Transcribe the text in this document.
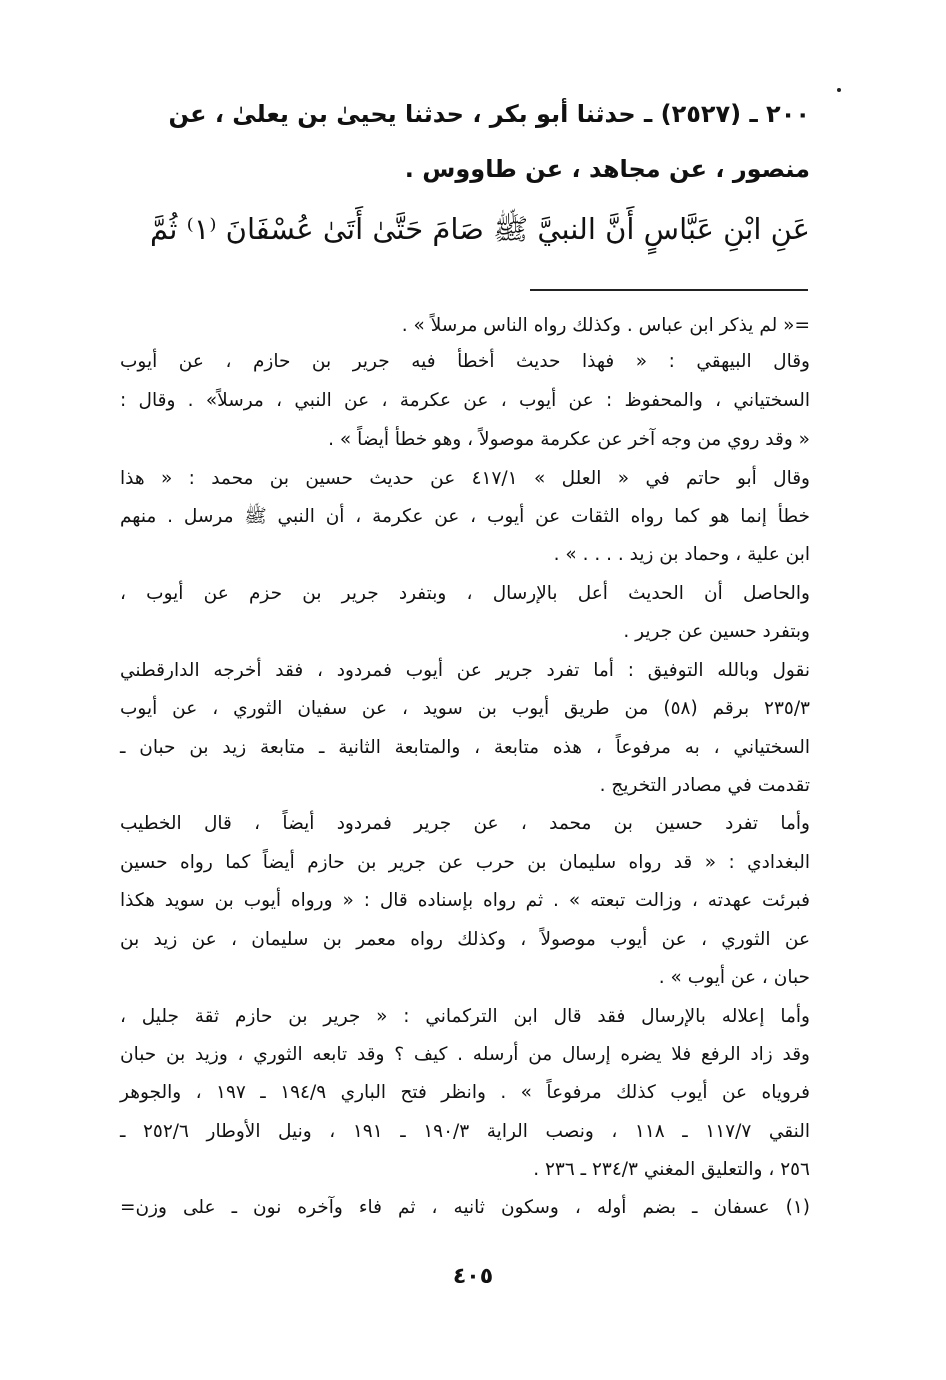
٢٠٠ ـ (٢٥٢٧) ـ حدثنا أبو بكر ، حدثنا يحيىٰ بن يعلىٰ ، عن
منصور ، عن مجاهد ، عن طاووس .
عَنِ ابْنِ عَبَّاسٍ أَنَّ النبيَّ ﷺ صَامَ حَتَّىٰ أَتَىٰ عُسْفَانَ ⁽١⁾ ثُمَّ
=« لم يذكر ابن عباس . وكذلك رواه الناس مرسلاً » .
وقال البيهقي : « فهذا حديث أخطأ فيه جرير بن حازم ، عن أيوب
السختياني ، والمحفوظ : عن أيوب ، عن عكرمة ، عن النبي ، مرسلاً» . وقال :
« وقد روي من وجه آخر عن عكرمة موصولاً ، وهو خطأ أيضاً » .
وقال أبو حاتم في « العلل » ٤١٧/١ عن حديث حسين بن محمد : « هذا
خطأ إنما هو كما رواه الثقات عن أيوب ، عن عكرمة ، أن النبي ﷺ مرسل . منهم
ابن علية ، وحماد بن زيد . . . . » .
والحاصل أن الحديث أعل بالإرسال ، وبتفرد جرير بن حزم عن أيوب ،
وبتفرد حسين عن جرير .
نقول وبالله التوفيق : أما تفرد جرير عن أيوب فمردود ، فقد أخرجه الدارقطني
٢٣٥/٣ برقم (٥٨) من طريق أيوب بن سويد ، عن سفيان الثوري ، عن أيوب
السختياني ، به مرفوعاً ، هذه متابعة ، والمتابعة الثانية ـ متابعة زيد بن حبان ـ
تقدمت في مصادر التخريج .
وأما تفرد حسين بن محمد ، عن جرير فمردود أيضاً ، قال الخطيب
البغدادي : « قد رواه سليمان بن حرب عن جرير بن حازم أيضاً كما رواه حسين
فبرئت عهدته ، وزالت تبعته » . ثم رواه بإسناده قال : « ورواه أيوب بن سويد هكذا
عن الثوري ، عن أيوب موصولاً ، وكذلك رواه معمر بن سليمان ، عن زيد بن
حبان ، عن أيوب » .
وأما إعلاله بالإرسال فقد قال ابن التركماني : « جرير بن حازم ثقة جليل ،
وقد زاد الرفع فلا يضره إرسال من أرسله . كيف ؟ وقد تابعه الثوري ، وزيد بن حبان
فروياه عن أيوب كذلك مرفوعاً » . وانظر فتح الباري ١٩٤/٩ ـ ١٩٧ ، والجوهر
النقي ١١٧/٧ ـ ١١٨ ، ونصب الراية ١٩٠/٣ ـ ١٩١ ، ونيل الأوطار ٢٥٢/٦ ـ
٢٥٦ ، والتعليق المغني ٢٣٤/٣ ـ ٢٣٦ .
(١) عسفان ـ بضم أوله ، وسكون ثانيه ، ثم فاء وآخره نون ـ على وزن=
٤٠٥
